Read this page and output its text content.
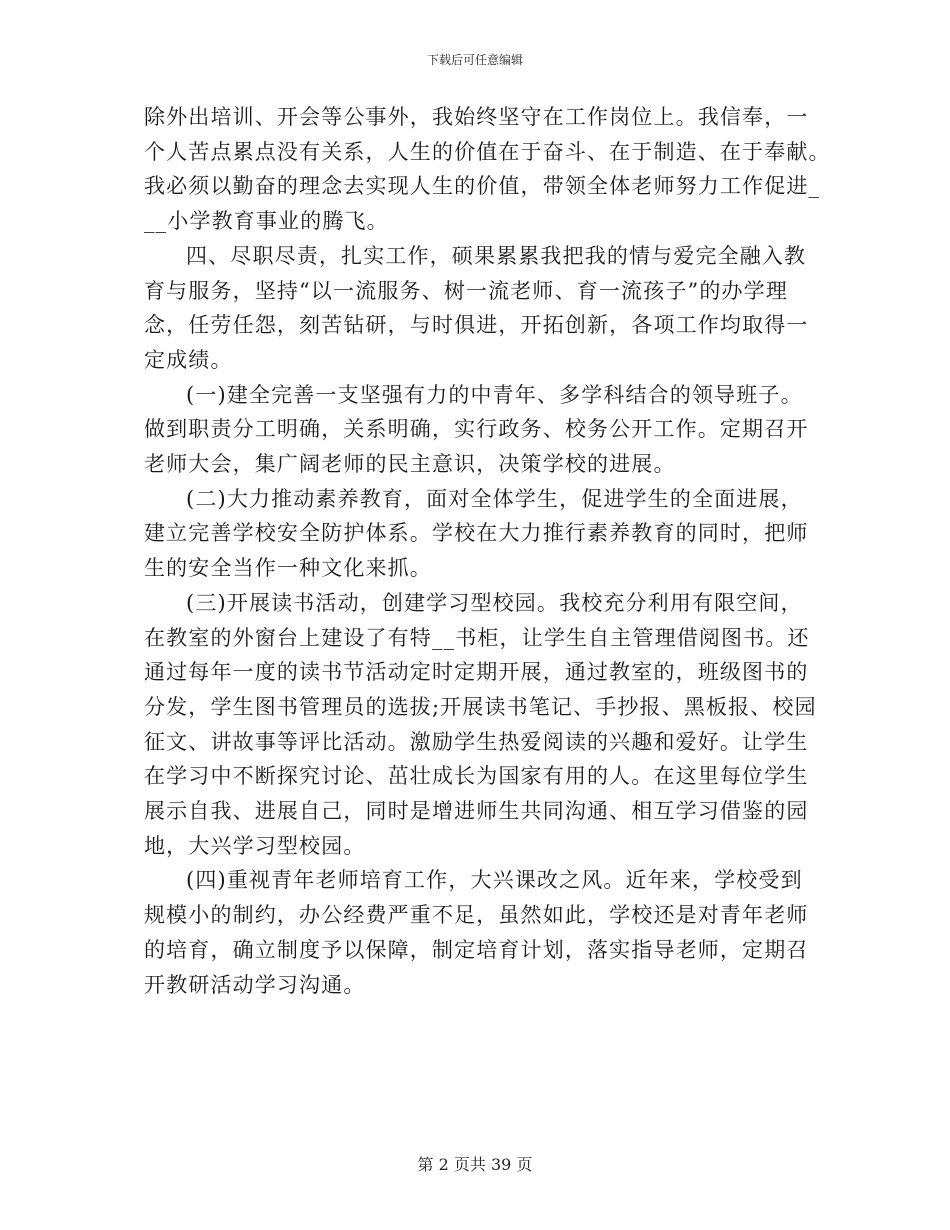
下载后可任意编辑

除外出培训、开会等公事外，我始终坚守在工作岗位上。我信奉，一
个人苦点累点没有关系，人生的价值在于奋斗、在于制造、在于奉献。
我必须以勤奋的理念去实现人生的价值，带领全体老师努力工作促进_
__小学教育事业的腾飞。

四、尽职尽责，扎实工作，硕果累累我把我的情与爱完全融入教
育与服务，坚持“以一流服务、树一流老师、育一流孩子”的办学理
念，任劳任怨，刻苦钻研，与时俱进，开拓创新，各项工作均取得一
定成绩。

(一)建全完善一支坚强有力的中青年、多学科结合的领导班子。
做到职责分工明确，关系明确，实行政务、校务公开工作。定期召开
老师大会，集广阔老师的民主意识，决策学校的进展。

(二)大力推动素养教育，面对全体学生，促进学生的全面进展，
建立完善学校安全防护体系。学校在大力推行素养教育的同时，把师
生的安全当作一种文化来抓。

(三)开展读书活动，创建学习型校园。我校充分利用有限空间，
在教室的外窗台上建设了有特__书柜，让学生自主管理借阅图书。还
通过每年一度的读书节活动定时定期开展，通过教室的，班级图书的
分发，学生图书管理员的选拔;开展读书笔记、手抄报、黑板报、校园
征文、讲故事等评比活动。激励学生热爱阅读的兴趣和爱好。让学生
在学习中不断探究讨论、茁壮成长为国家有用的人。在这里每位学生
展示自我、进展自己，同时是增进师生共同沟通、相互学习借鉴的园
地，大兴学习型校园。

(四)重视青年老师培育工作，大兴课改之风。近年来，学校受到
规模小的制约，办公经费严重不足，虽然如此，学校还是对青年老师
的培育，确立制度予以保障，制定培育计划，落实指导老师，定期召
开教研活动学习沟通。

第 2 页共 39 页
